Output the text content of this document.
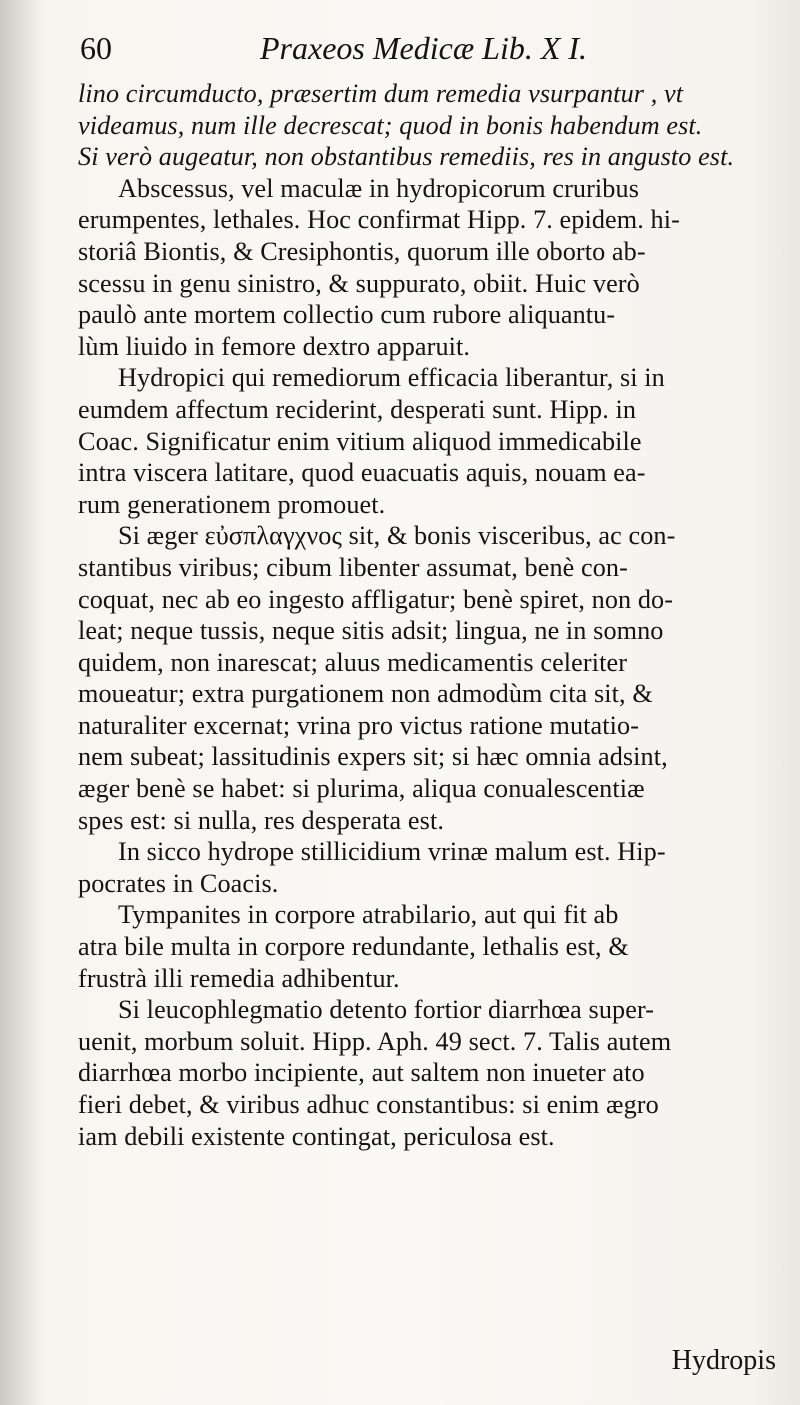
60	Praxeos Medicæ Lib. X I.
lino circumducto, præsertim dum remedia vsurpantur , vt
videamus, num ille decrescat; quod in bonis habendum est.
Si verò augeatur, non obstantibus remediis, res in angusto est.
Abscessus, vel maculæ in hydropicorum cruribus
erumpentes, lethales. Hoc confirmat Hipp. 7. epidem. hi-
storiâ Biontis, & Cresiphontis, quorum ille oborto ab-
scessu in genu sinistro, & suppurato, obiit. Huic verò
paulò ante mortem collectio cum rubore aliquantu-
lùm liuido in femore dextro apparuit.
Hydropici qui remediorum efficacia liberantur, si in
eumdem affectum reciderint, desperati sunt. Hipp. in
Coac. Significatur enim vitium aliquod immedicabile
intra viscera latitare, quod euacuatis aquis, nouam ea-
rum generationem promouet.
Si æger εὐσπλαγχνος sit, & bonis visceribus, ac con-
stantibus viribus; cibum libenter assumat, benè con-
coquat, nec ab eo ingesto affligatur; benè spiret, non do-
leat; neque tussis, neque sitis adsit; lingua, ne in somno
quidem, non inarescat; aluus medicamentis celeriter
moueatur; extra purgationem non admodùm cita sit, &
naturaliter excernat; vrina pro victus ratione mutatio-
nem subeat; lassitudinis expers sit; si hæc omnia adsint,
æger benè se habet: si plurima, aliqua conualescentiæ
spes est: si nulla, res desperata est.
In sicco hydrope stillicidium vrinæ malum est. Hip-
pocrates in Coacis.
Tympanites in corpore atrabilario, aut qui fit ab
atra bile multa in corpore redundante, lethalis est, &
frustrà illi remedia adhibentur.
Si leucophlegmatio detento fortior diarrhœa super-
uenit, morbum soluit. Hipp. Aph. 49 sect. 7. Talis autem
diarrhœa morbo incipiente, aut saltem non inueter ato
fieri debet, & viribus adhuc constantibus: si enim ægro
iam debili existente contingat, periculosa est.
Hydropis
